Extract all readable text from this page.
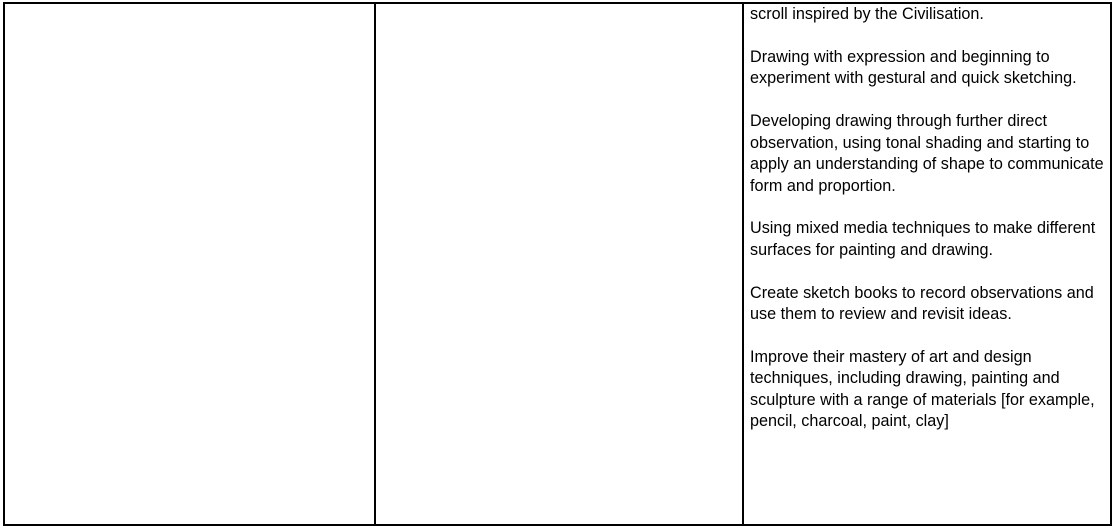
scroll inspired by the Civilisation.

Drawing with expression and beginning to experiment with gestural and quick sketching.

Developing drawing through further direct observation, using tonal shading and starting to apply an understanding of shape to communicate form and proportion.

Using mixed media techniques to make different surfaces for painting and drawing.

Create sketch books to record observations and use them to review and revisit ideas.

Improve their mastery of art and design techniques, including drawing, painting and sculpture with a range of materials [for example, pencil, charcoal, paint, clay]
